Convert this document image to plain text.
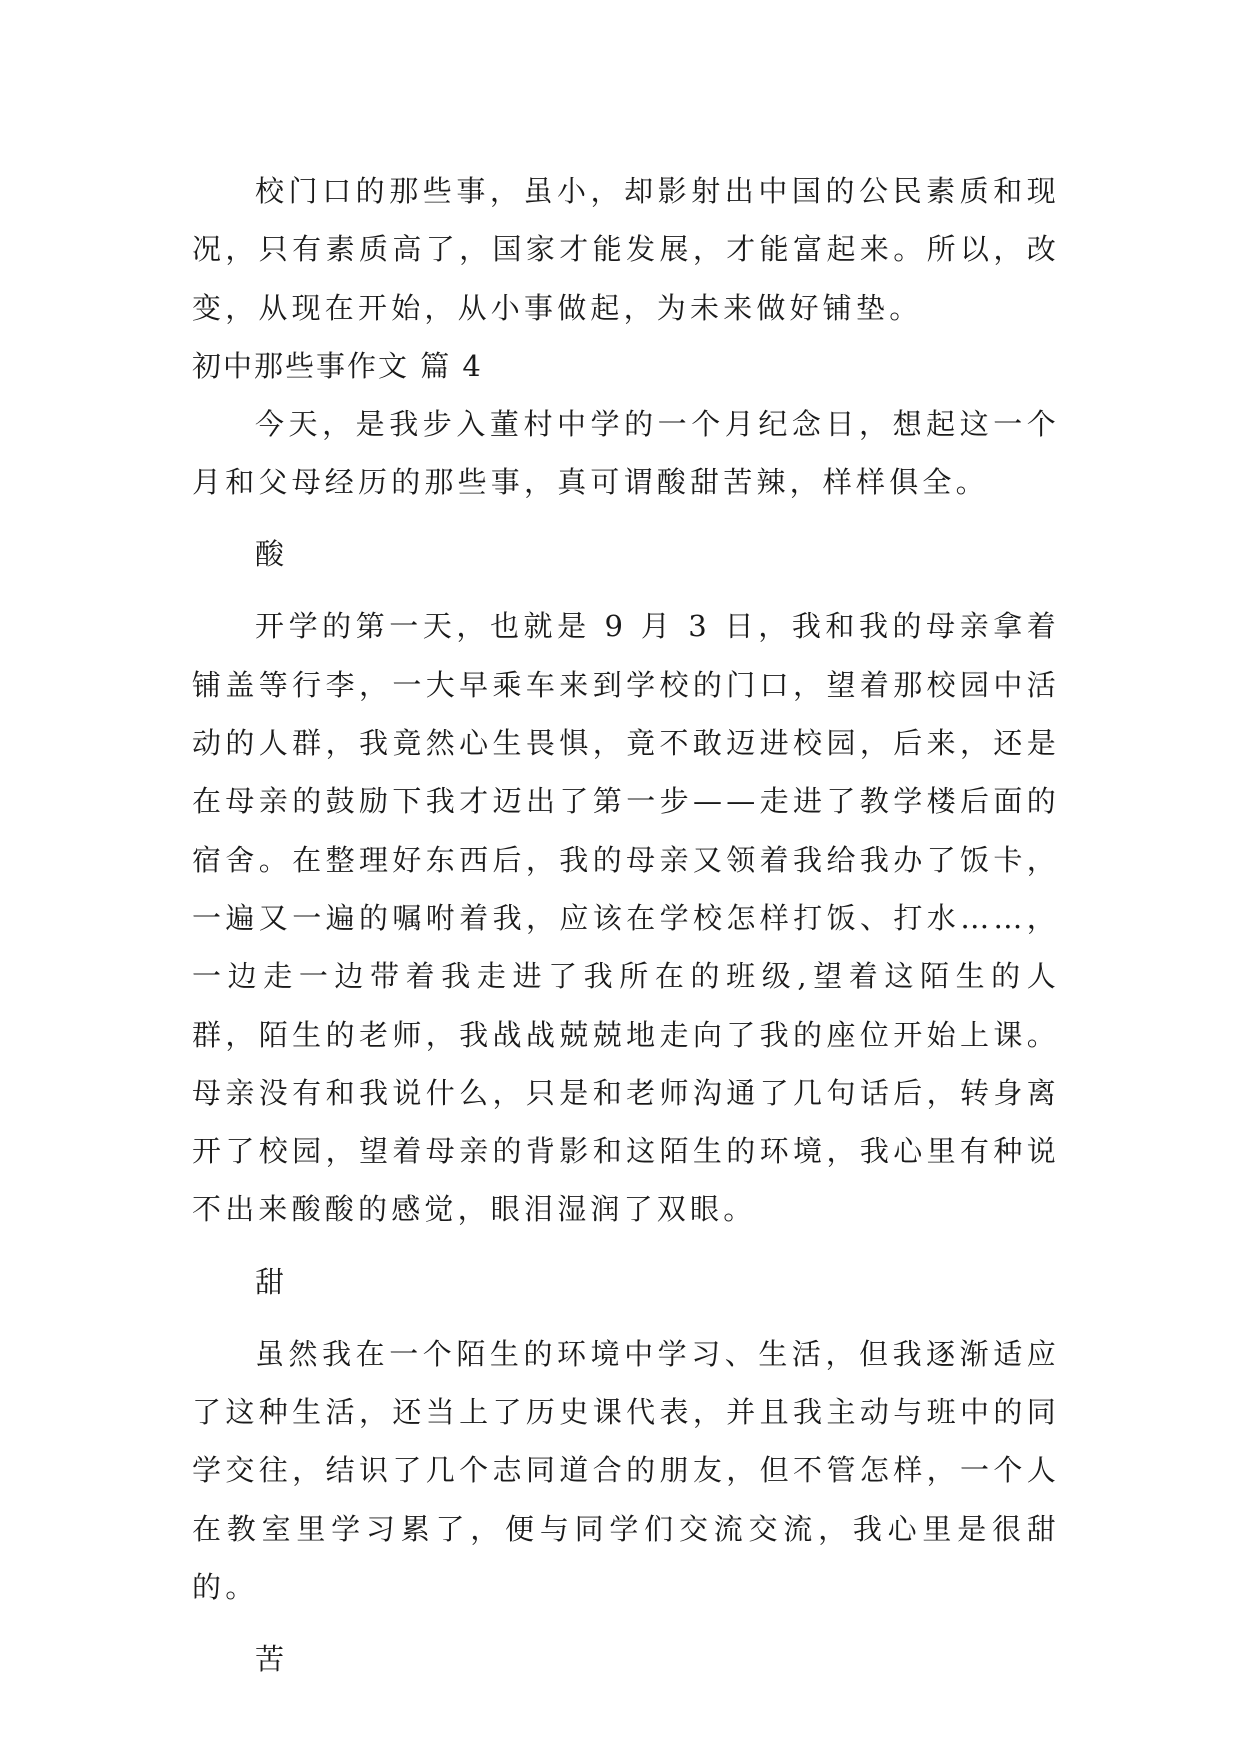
校门口的那些事，虽小，却影射出中国的公民素质和现况，只有素质高了，国家才能发展，才能富起来。所以，改变，从现在开始，从小事做起，为未来做好铺垫。

初中那些事作文 篇 4

今天，是我步入董村中学的一个月纪念日，想起这一个月和父母经历的那些事，真可谓酸甜苦辣，样样俱全。

酸

开学的第一天，也就是 9 月 3 日，我和我的母亲拿着铺盖等行李，一大早乘车来到学校的门口，望着那校园中活动的人群，我竟然心生畏惧，竟不敢迈进校园，后来，还是在母亲的鼓励下我才迈出了第一步——走进了教学楼后面的宿舍。在整理好东西后，我的母亲又领着我给我办了饭卡，一遍又一遍的嘱咐着我，应该在学校怎样打饭、打水……，一边走一边带着我走进了我所在的班级,望着这陌生的人群，陌生的老师，我战战兢兢地走向了我的座位开始上课。母亲没有和我说什么，只是和老师沟通了几句话后，转身离开了校园，望着母亲的背影和这陌生的环境，我心里有种说不出来酸酸的感觉，眼泪湿润了双眼。

甜

虽然我在一个陌生的环境中学习、生活，但我逐渐适应了这种生活，还当上了历史课代表，并且我主动与班中的同学交往，结识了几个志同道合的朋友，但不管怎样，一个人在教室里学习累了，便与同学们交流交流，我心里是很甜的。

苦
